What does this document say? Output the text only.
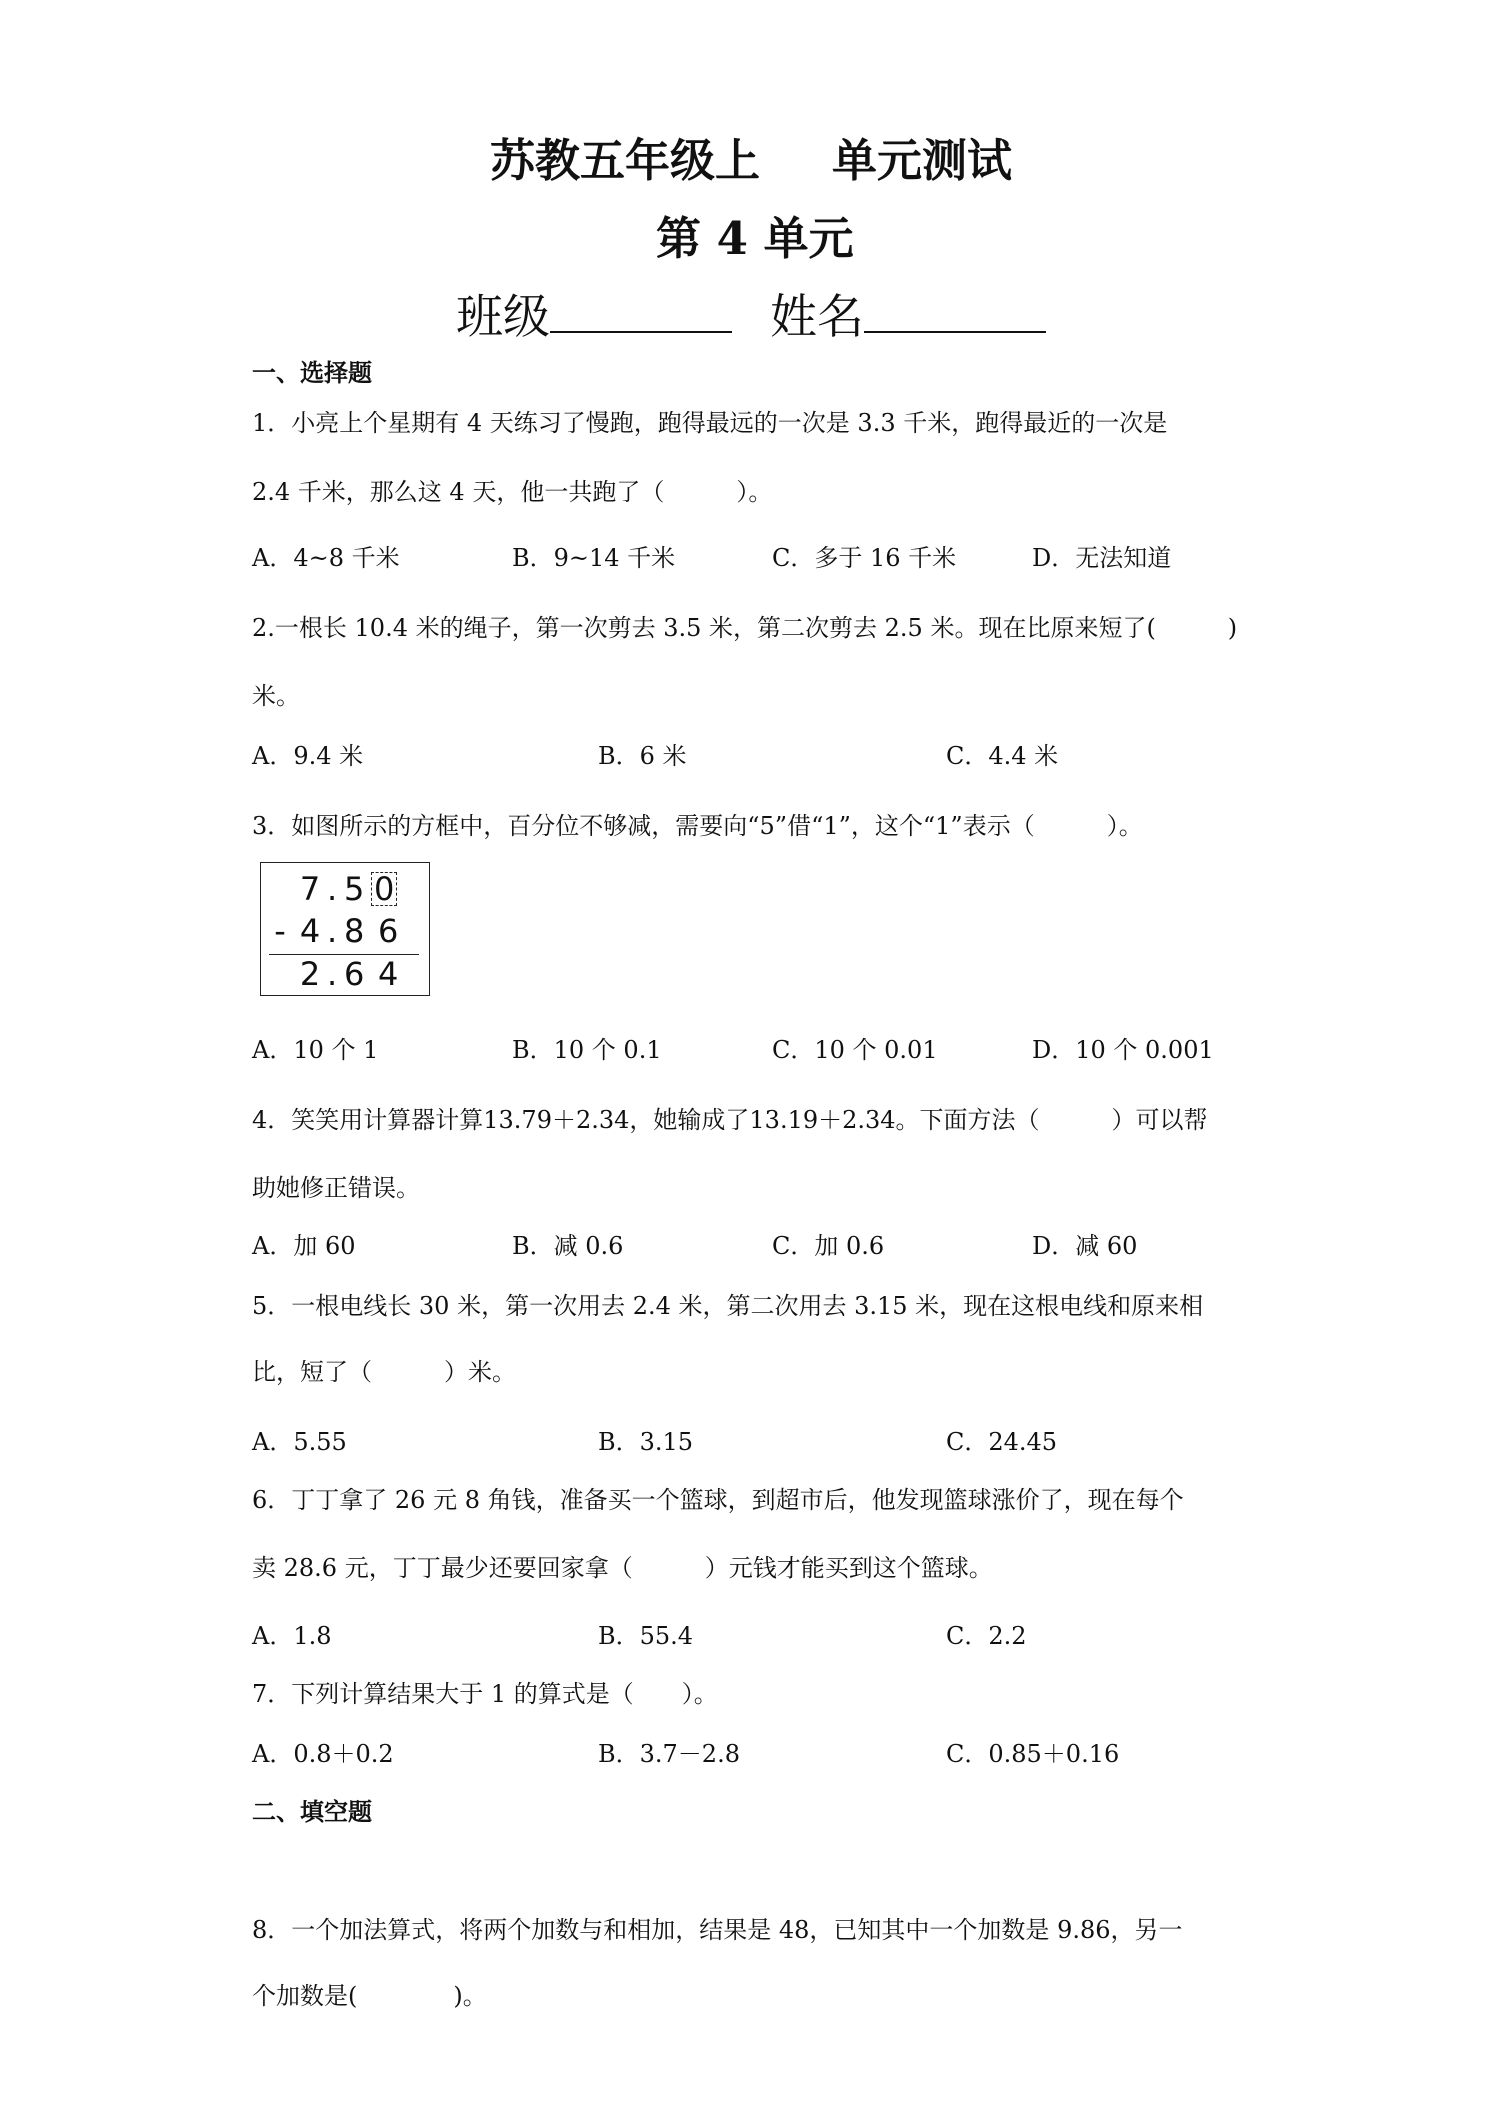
苏教五年级上 单元测试
第 4 单元
班级	姓名
一、选择题
1．小亮上个星期有 4 天练习了慢跑，跑得最远的一次是 3.3 千米，跑得最近的一次是
2.4 千米，那么这 4 天，他一共跑了（　　　）。
A．4~8 千米	B．9~14 千米	C．多于 16 千米	D．无法知道
2.一根长 10.4 米的绳子，第一次剪去 3.5 米，第二次剪去 2.5 米。现在比原来短了(　　　)
米。
A．9.4 米	B．6 米	C．4.4 米
3．如图所示的方框中，百分位不够减，需要向“5”借“1”，这个“1”表示（　　　）。
7 . 5 0
- 4 . 8 6
2 . 6 4
A．10 个 1	B．10 个 0.1	C．10 个 0.01	D．10 个 0.001
4．笑笑用计算器计算13.79＋2.34，她输成了13.19＋2.34。下面方法（　　　）可以帮
助她修正错误。
A．加 60	B．减 0.6	C．加 0.6	D．减 60
5．一根电线长 30 米，第一次用去 2.4 米，第二次用去 3.15 米，现在这根电线和原来相
比，短了（　　　）米。
A．5.55	B．3.15	C．24.45
6．丁丁拿了 26 元 8 角钱，准备买一个篮球，到超市后，他发现篮球涨价了，现在每个
卖 28.6 元，丁丁最少还要回家拿（　　　）元钱才能买到这个篮球。
A．1.8	B．55.4	C．2.2
7．下列计算结果大于 1 的算式是（　　）。
A．0.8＋0.2	B．3.7－2.8	C．0.85＋0.16
二、填空题
8．一个加法算式，将两个加数与和相加，结果是 48，已知其中一个加数是 9.86，另一
个加数是(　　　　)。
